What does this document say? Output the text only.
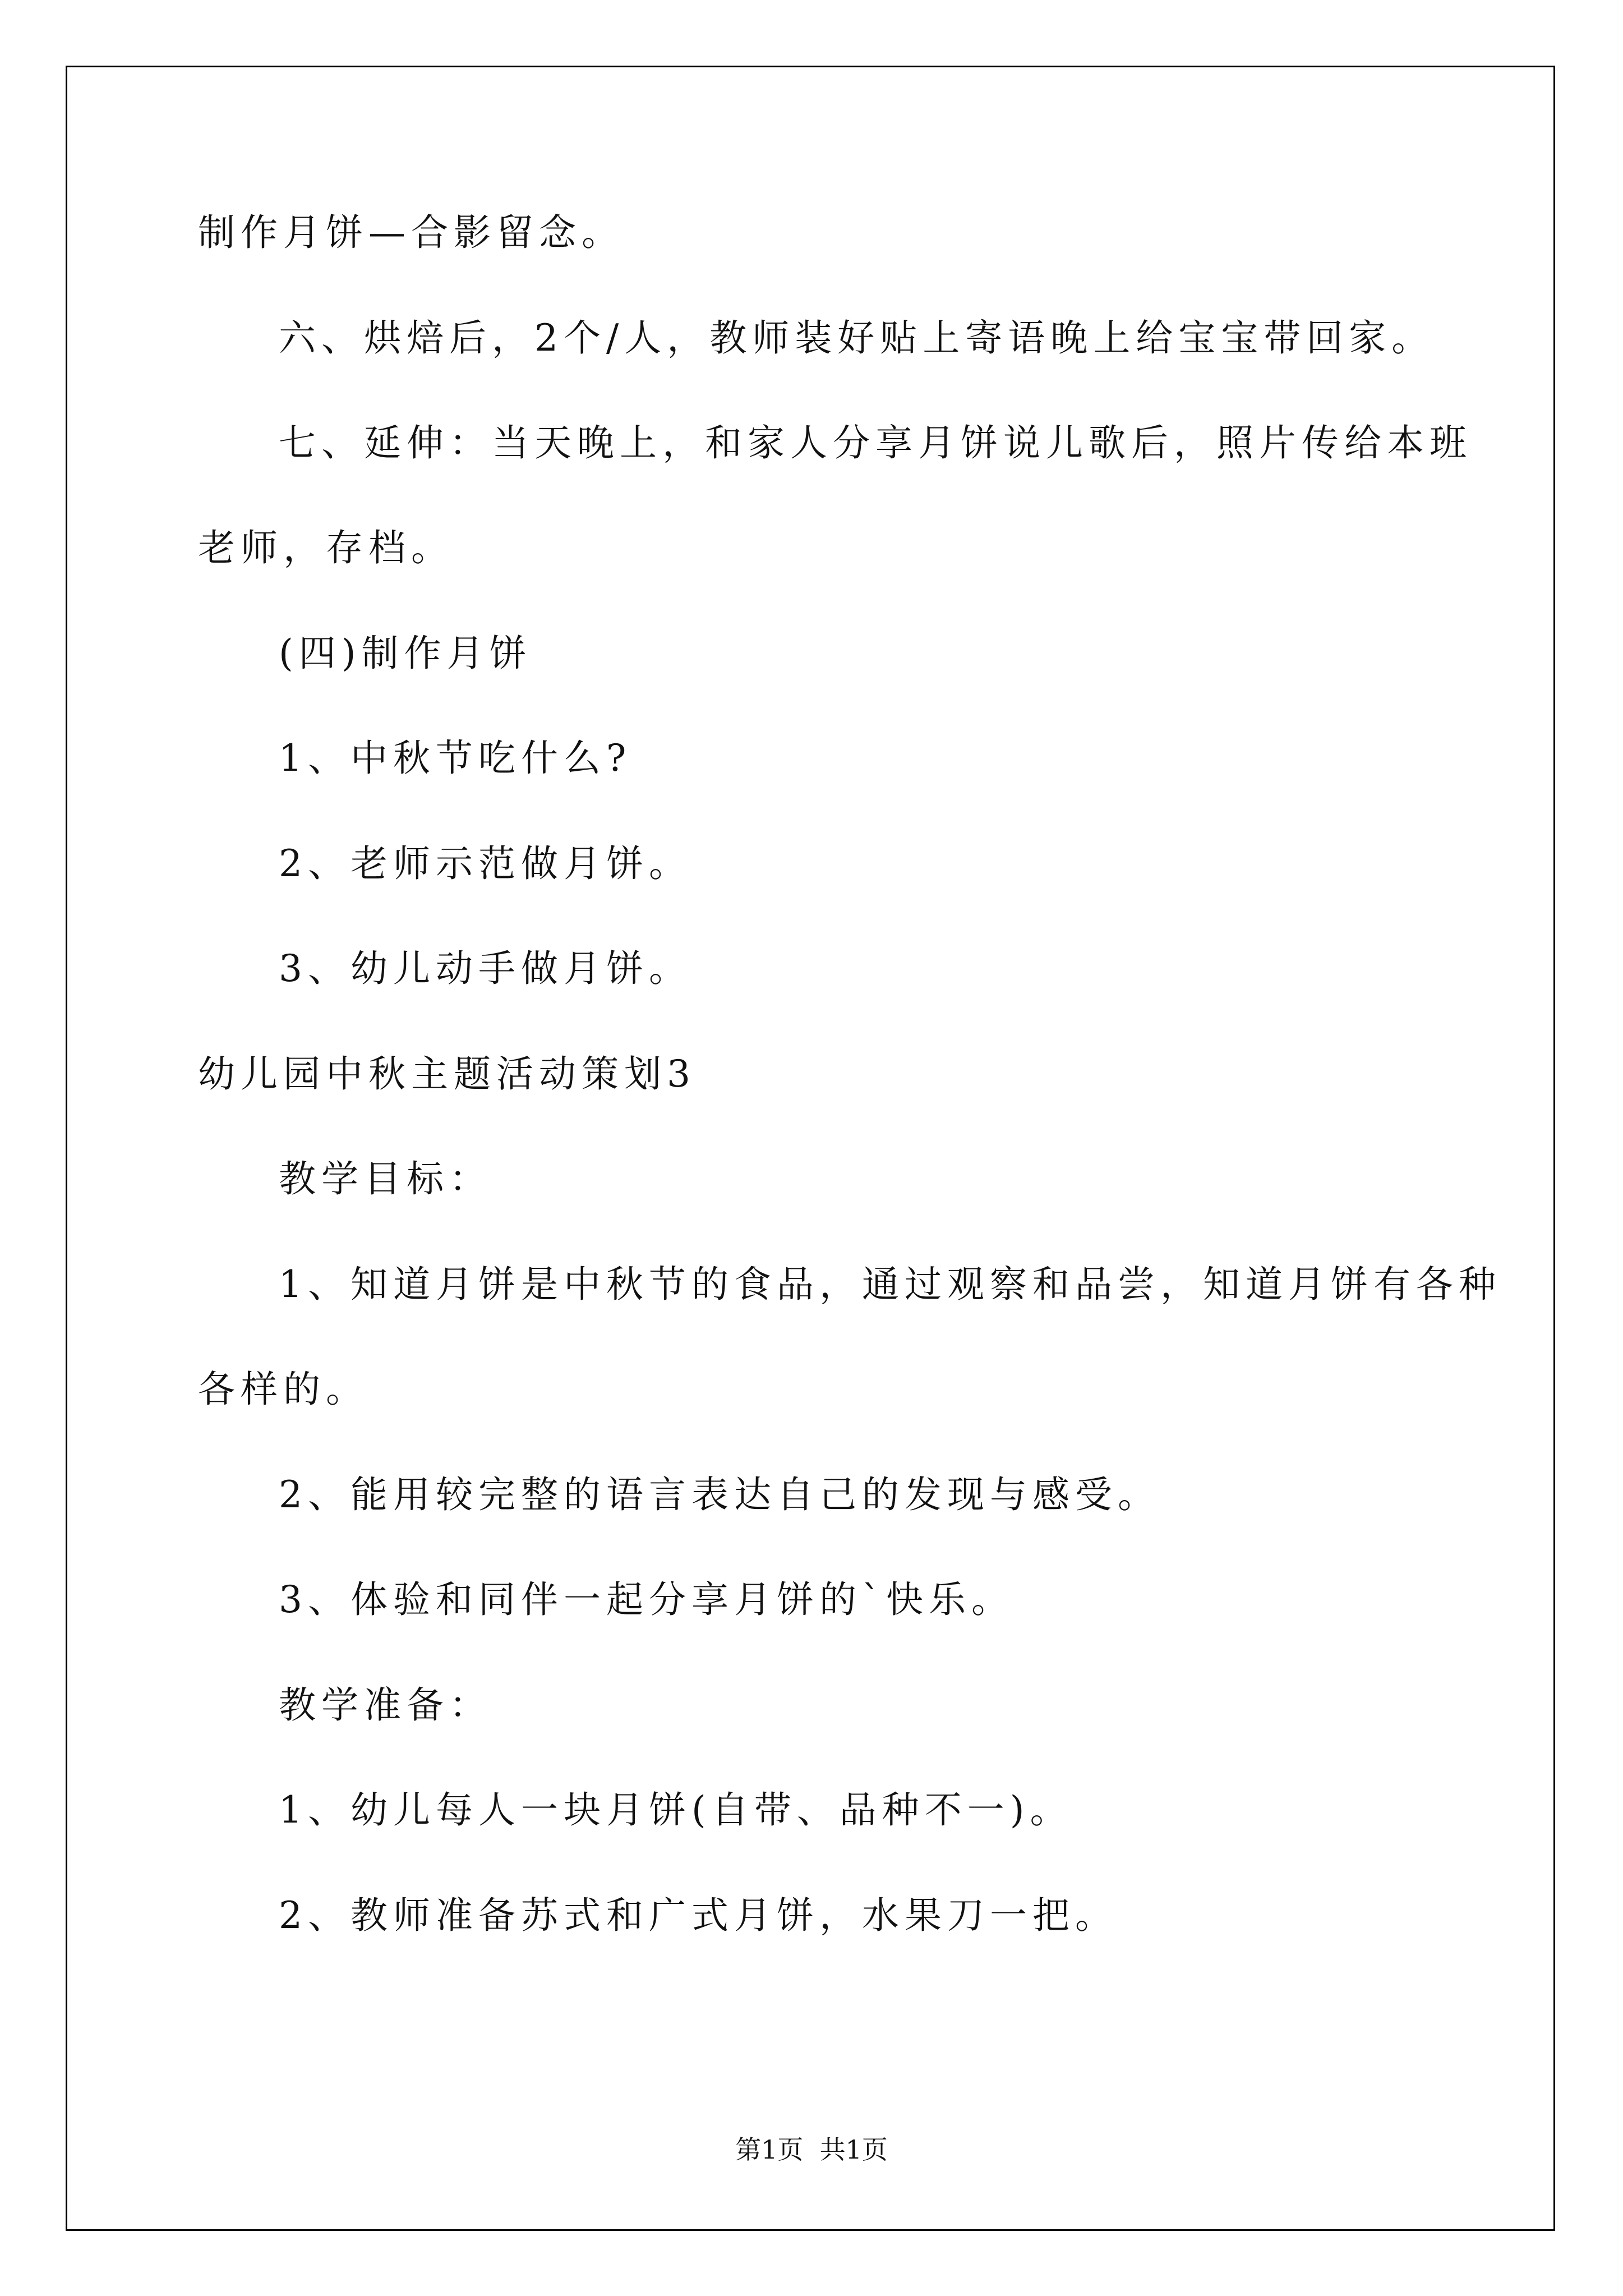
制作月饼—合影留念。
六、烘焙后，2个/人，教师装好贴上寄语晚上给宝宝带回家。
七、延伸：当天晚上，和家人分享月饼说儿歌后，照片传给本班
老师，存档。
(四)制作月饼
1、中秋节吃什么?
2、老师示范做月饼。
3、幼儿动手做月饼。
幼儿园中秋主题活动策划3
教学目标：
1、知道月饼是中秋节的食品，通过观察和品尝，知道月饼有各种
各样的。
2、能用较完整的语言表达自己的发现与感受。
3、体验和同伴一起分享月饼的`快乐。
教学准备：
1、幼儿每人一块月饼(自带、品种不一)。
2、教师准备苏式和广式月饼，水果刀一把。
第1页  共1页
